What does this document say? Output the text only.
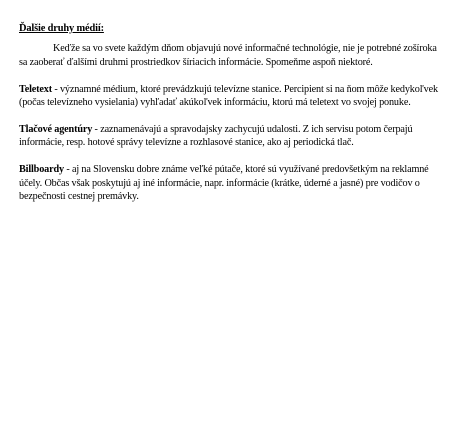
Ďalšie druhy médií:

Keďže sa vo svete každým dňom objavujú nové informačné technológie, nie je potrebné zošíroka sa zaoberať ďalšími druhmi prostriedkov šíriacich informácie. Spomeňme aspoň niektoré.

Teletext - významné médium, ktoré prevádzkujú televízne stanice. Percipient si na ňom môže kedykoľvek (počas televízneho vysielania) vyhľadať akúkoľvek informáciu, ktorú má teletext vo svojej ponuke.

Tlačové agentúry - zaznamenávajú a spravodajsky zachycujú udalosti. Z ich servisu potom čerpajú informácie, resp. hotové správy televízne a rozhlasové stanice, ako aj periodická tlač.

Billboardy - aj na Slovensku dobre známe veľké pútače, ktoré sú využívané predovšetkým na reklamné účely. Občas však poskytujú aj iné informácie, napr. informácie (krátke, úderné a jasné) pre vodičov o bezpečnosti cestnej premávky.
